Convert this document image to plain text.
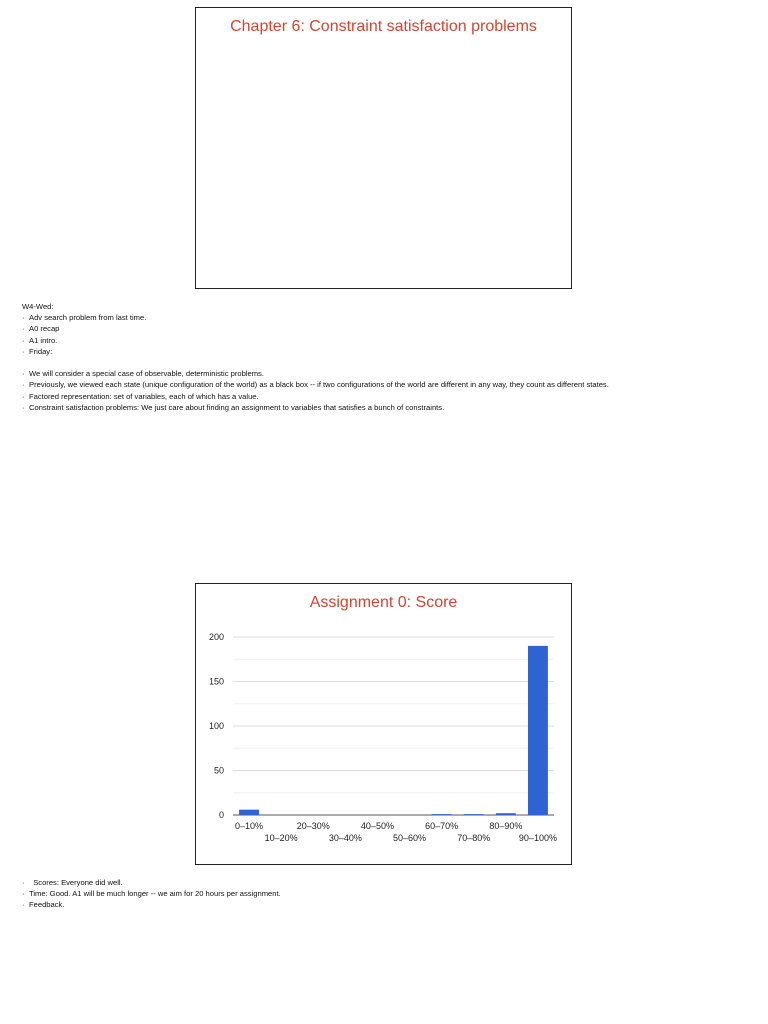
Chapter 6: Constraint satisfaction problems
W4-Wed:
· Adv search problem from last time.
· A0 recap
· A1 intro.
· Friday:
· We will consider a special case of observable, deterministic problems.
· Previously, we viewed each state (unique configuration of the world) as a black box -- if two configurations of the world are different in any way, they count as different states.
· Factored representation: set of variables, each of which has a value.
· Constraint satisfaction problems: We just care about finding an assignment to variables that satisfies a bunch of constraints.
Assignment 0: Score
0
50
100
150
200
0–10%
10–20%
20–30%
30–40%
40–50%
50–60%
60–70%
70–80%
80–90%
90–100%
·  Scores: Everyone did well.
· Time: Good. A1 will be much longer -- we aim for 20 hours per assignment.
· Feedback.
